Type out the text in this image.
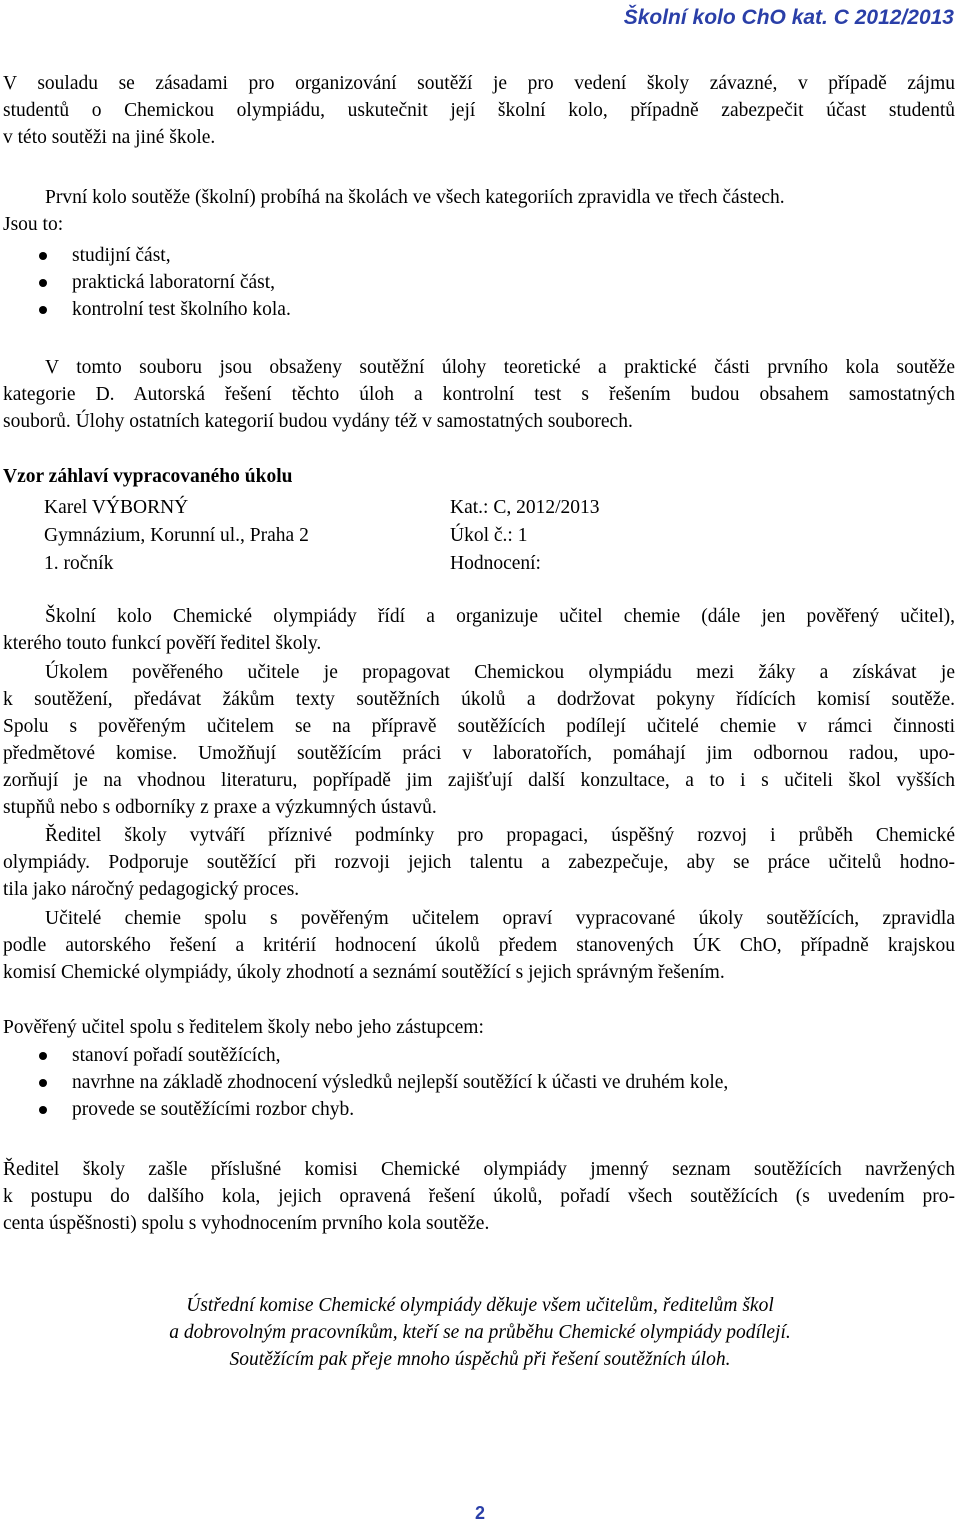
Školní kolo ChO kat. C 2012/2013
V souladu se zásadami pro organizování soutěží je pro vedení školy závazné, v případě zájmu
studentů o Chemickou olympiádu, uskutečnit její školní kolo, případně zabezpečit účast studentů
v této soutěži na jiné škole.
První kolo soutěže (školní) probíhá na školách ve všech kategoriích zpravidla ve třech částech.
Jsou to:
studijní část,
praktická laboratorní část,
kontrolní test školního kola.
V tomto souboru jsou obsaženy soutěžní úlohy teoretické a praktické části prvního kola soutěže
kategorie D. Autorská řešení těchto úloh a kontrolní test s řešením budou obsahem samostatných
souborů. Úlohy ostatních kategorií budou vydány též v samostatných souborech.
Vzor záhlaví vypracovaného úkolu
Karel VÝBORNÝ	Kat.: C, 2012/2013
Gymnázium, Korunní ul., Praha 2	Úkol č.: 1
1. ročník	Hodnocení:
Školní kolo Chemické olympiády řídí a organizuje učitel chemie (dále jen pověřený učitel),
kterého touto funkcí pověří ředitel školy.
Úkolem pověřeného učitele je propagovat Chemickou olympiádu mezi žáky a získávat je
k soutěžení, předávat žákům texty soutěžních úkolů a dodržovat pokyny řídících komisí soutěže.
Spolu s pověřeným učitelem se na přípravě soutěžících podílejí učitelé chemie v rámci činnosti
předmětové komise. Umožňují soutěžícím práci v laboratořích, pomáhají jim odbornou radou, upo-
zorňují je na vhodnou literaturu, popřípadě jim zajišťují další konzultace, a to i s učiteli škol vyšších
stupňů nebo s odborníky z praxe a výzkumných ústavů.
Ředitel školy vytváří příznivé podmínky pro propagaci, úspěšný rozvoj i průběh Chemické
olympiády. Podporuje soutěžící při rozvoji jejich talentu a zabezpečuje, aby se práce učitelů hodno-
tila jako náročný pedagogický proces.
Učitelé chemie spolu s pověřeným učitelem opraví vypracované úkoly soutěžících, zpravidla
podle autorského řešení a kritérií hodnocení úkolů předem stanovených ÚK ChO, případně krajskou
komisí Chemické olympiády, úkoly zhodnotí a seznámí soutěžící s jejich správným řešením.
Pověřený učitel spolu s ředitelem školy nebo jeho zástupcem:
stanoví pořadí soutěžících,
navrhne na základě zhodnocení výsledků nejlepší soutěžící k účasti ve druhém kole,
provede se soutěžícími rozbor chyb.
Ředitel školy zašle příslušné komisi Chemické olympiády jmenný seznam soutěžících navržených
k postupu do dalšího kola, jejich opravená řešení úkolů, pořadí všech soutěžících (s uvedením pro-
centa úspěšnosti) spolu s vyhodnocením prvního kola soutěže.
Ústřední komise Chemické olympiády děkuje všem učitelům, ředitelům škol
a dobrovolným pracovníkům, kteří se na průběhu Chemické olympiády podílejí.
Soutěžícím pak přeje mnoho úspěchů při řešení soutěžních úloh.
2
